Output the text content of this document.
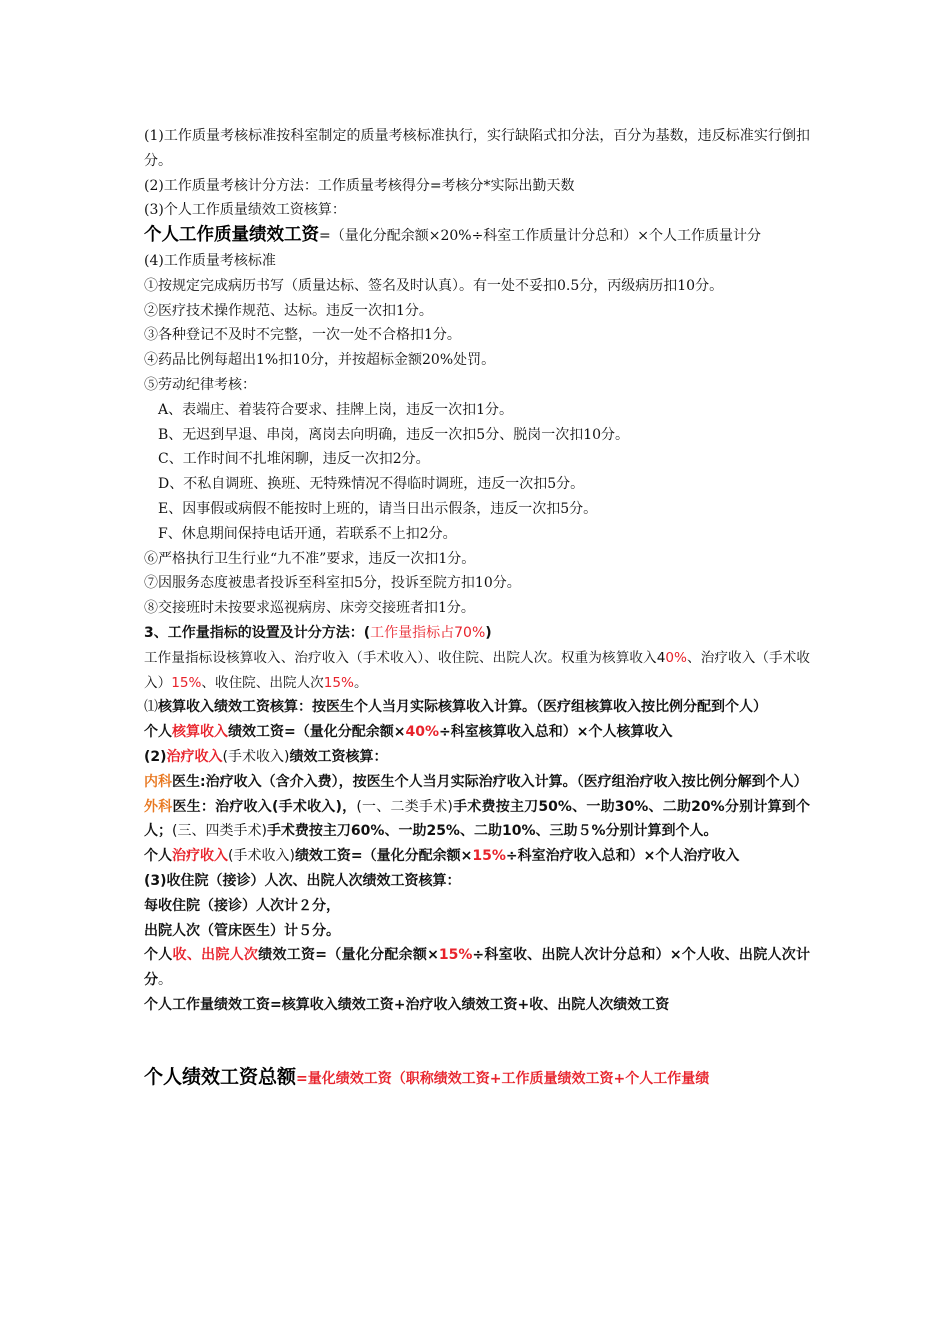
(1)工作质量考核标准按科室制定的质量考核标准执行，实行缺陷式扣分法，百分为基数，违反标准实行倒扣分。

(2)工作质量考核计分方法：工作质量考核得分=考核分*实际出勤天数

(3)个人工作质量绩效工资核算：

个人工作质量绩效工资=（量化分配余额×20%÷科室工作质量计分总和）×个人工作质量计分

(4)工作质量考核标准

①按规定完成病历书写（质量达标、签名及时认真）。有一处不妥扣0.5分，丙级病历扣10分。

②医疗技术操作规范、达标。违反一次扣1分。

③各种登记不及时不完整，一次一处不合格扣1分。

④药品比例每超出1%扣10分，并按超标金额20%处罚。

⑤劳动纪律考核：

A、表端庄、着装符合要求、挂牌上岗，违反一次扣1分。

B、无迟到早退、串岗，离岗去向明确，违反一次扣5分、脱岗一次扣10分。

C、工作时间不扎堆闲聊，违反一次扣2分。

D、不私自调班、换班、无特殊情况不得临时调班，违反一次扣5分。

E、因事假或病假不能按时上班的，请当日出示假条，违反一次扣5分。

F、休息期间保持电话开通，若联系不上扣2分。

⑥严格执行卫生行业“九不准”要求，违反一次扣1分。

⑦因服务态度被患者投诉至科室扣5分，投诉至院方扣10分。

⑧交接班时未按要求巡视病房、床旁交接班者扣1分。

3、工作量指标的设置及计分方法：(工作量指标占70%)

工作量指标设核算收入、治疗收入（手术收入）、收住院、出院人次。权重为核算收入40%、治疗收入（手术收入）15%、收住院、出院人次15%。

⑴核算收入绩效工资核算：按医生个人当月实际核算收入计算。（医疗组核算收入按比例分配到个人）

个人核算收入绩效工资=（量化分配余额×40%÷科室核算收入总和）×个人核算收入

(2)治疗收入(手术收入)绩效工资核算：

内科医生:治疗收入（含介入费），按医生个人当月实际治疗收入计算。（医疗组治疗收入按比例分解到个人）

外科医生：治疗收入(手术收入)，(一、二类手术)手术费按主刀50%、一助30%、二助20%分别计算到个人；(三、四类手术)手术费按主刀60%、一助25%、二助10%、三助５%分别计算到个人。

个人治疗收入(手术收入)绩效工资=（量化分配余额×15%÷科室治疗收入总和）×个人治疗收入

(3)收住院（接诊）人次、出院人次绩效工资核算：

每收住院（接诊）人次计２分，

出院人次（管床医生）计５分。

个人收、出院人次绩效工资=（量化分配余额×15%÷科室收、出院人次计分总和）×个人收、出院人次计分。

个人工作量绩效工资=核算收入绩效工资+治疗收入绩效工资+收、出院人次绩效工资

个人绩效工资总额=量化绩效工资（职称绩效工资+工作质量绩效工资+个人工作量绩
